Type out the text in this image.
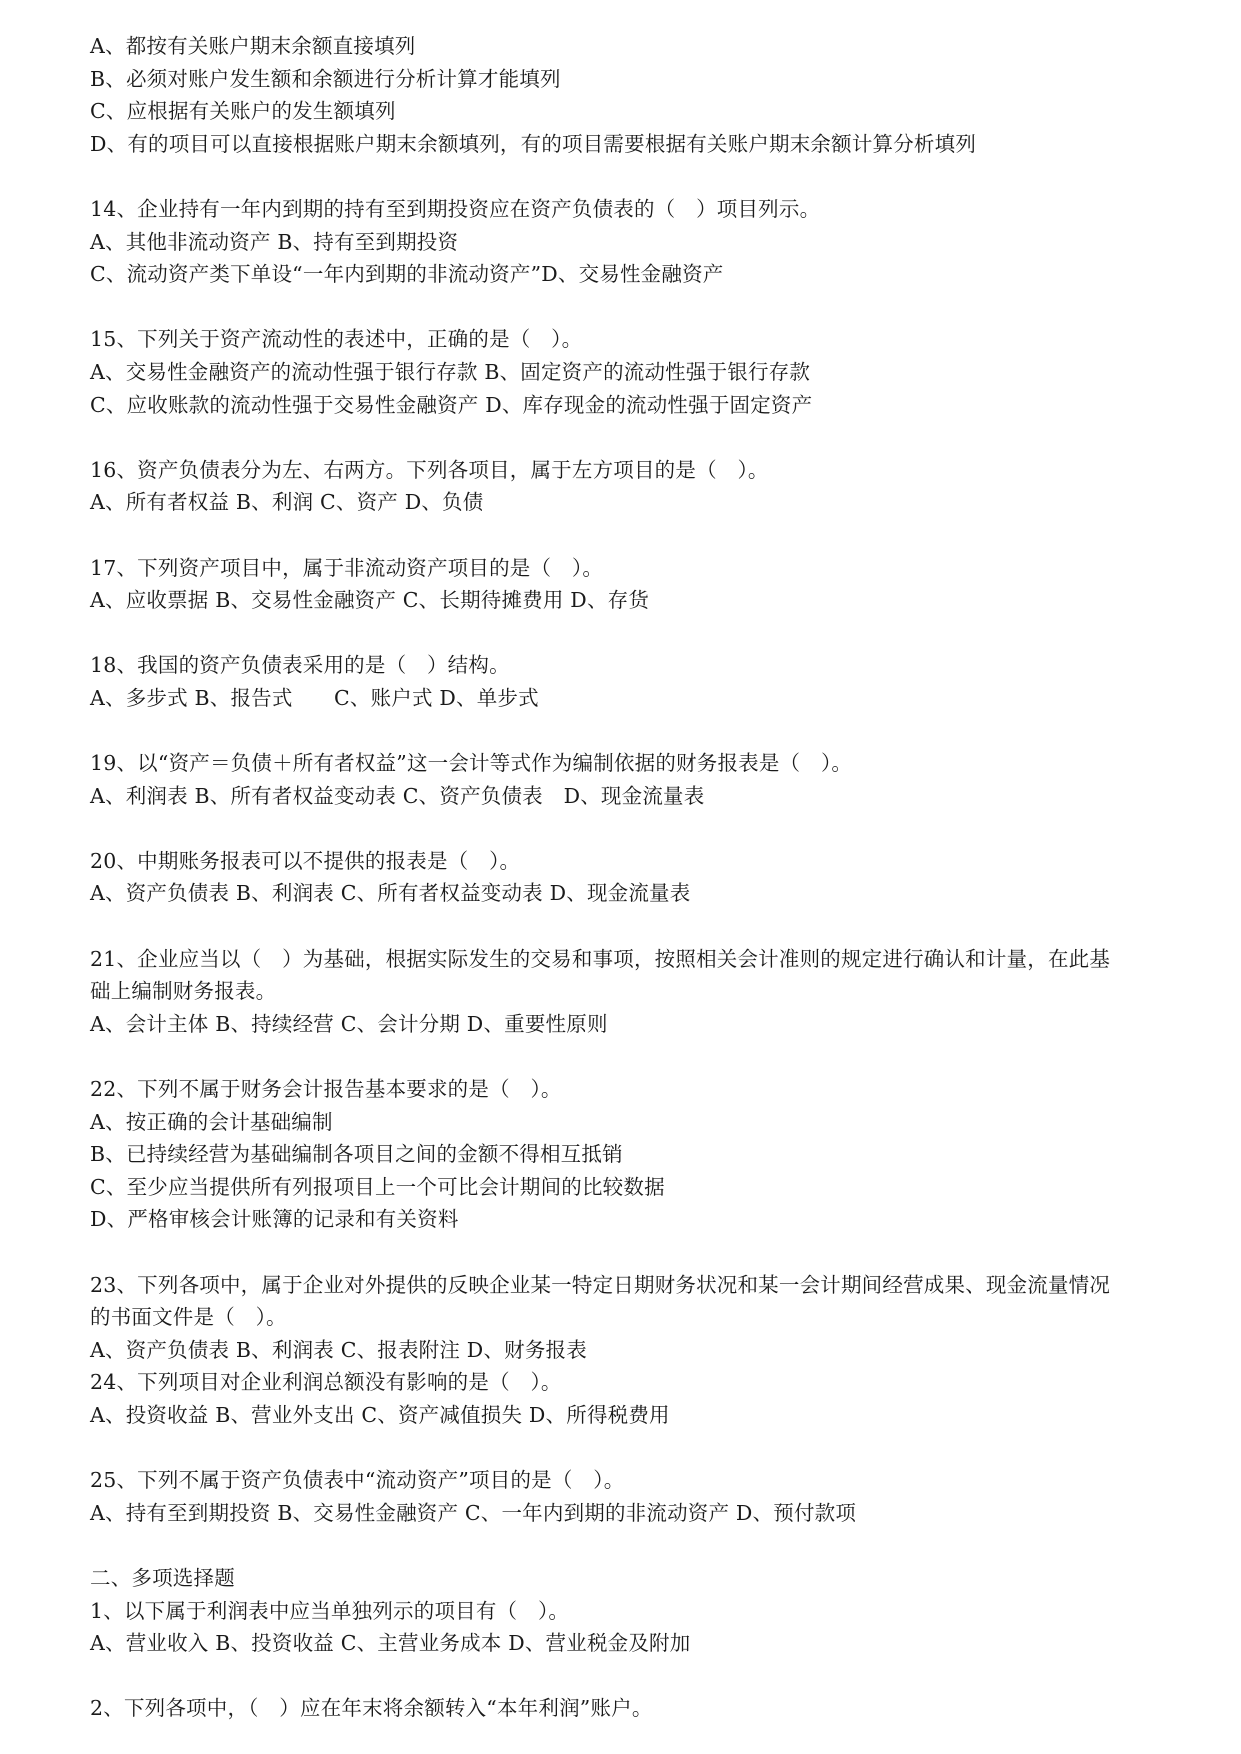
A、都按有关账户期末余额直接填列
B、必须对账户发生额和余额进行分析计算才能填列
C、应根据有关账户的发生额填列
D、有的项目可以直接根据账户期末余额填列，有的项目需要根据有关账户期末余额计算分析填列
14、企业持有一年内到期的持有至到期投资应在资产负债表的（　）项目列示。
A、其他非流动资产 B、持有至到期投资
C、流动资产类下单设“一年内到期的非流动资产”D、交易性金融资产
15、下列关于资产流动性的表述中，正确的是（　）。
A、交易性金融资产的流动性强于银行存款 B、固定资产的流动性强于银行存款
C、应收账款的流动性强于交易性金融资产 D、库存现金的流动性强于固定资产
16、资产负债表分为左、右两方。下列各项目，属于左方项目的是（　）。
A、所有者权益 B、利润 C、资产 D、负债
17、下列资产项目中，属于非流动资产项目的是（　）。
A、应收票据 B、交易性金融资产 C、长期待摊费用 D、存货
18、我国的资产负债表采用的是（　）结构。
A、多步式 B、报告式　　C、账户式 D、单步式
19、以“资产＝负债＋所有者权益”这一会计等式作为编制依据的财务报表是（　）。
A、利润表 B、所有者权益变动表 C、资产负债表　D、现金流量表
20、中期账务报表可以不提供的报表是（　）。
A、资产负债表 B、利润表 C、所有者权益变动表 D、现金流量表
21、企业应当以（　）为基础，根据实际发生的交易和事项，按照相关会计准则的规定进行确认和计量，在此基
础上编制财务报表。
A、会计主体 B、持续经营 C、会计分期 D、重要性原则
22、下列不属于财务会计报告基本要求的是（　）。
A、按正确的会计基础编制
B、已持续经营为基础编制各项目之间的金额不得相互抵销
C、至少应当提供所有列报项目上一个可比会计期间的比较数据
D、严格审核会计账簿的记录和有关资料
23、下列各项中，属于企业对外提供的反映企业某一特定日期财务状况和某一会计期间经营成果、现金流量情况
的书面文件是（　）。
A、资产负债表 B、利润表 C、报表附注 D、财务报表
24、下列项目对企业利润总额没有影响的是（　）。
A、投资收益 B、营业外支出 C、资产减值损失 D、所得税费用
25、下列不属于资产负债表中“流动资产”项目的是（　）。
A、持有至到期投资 B、交易性金融资产 C、一年内到期的非流动资产 D、预付款项
二、多项选择题
1、以下属于利润表中应当单独列示的项目有（　）。
A、营业收入 B、投资收益 C、主营业务成本 D、营业税金及附加
2、下列各项中，（　）应在年末将余额转入“本年利润”账户。
